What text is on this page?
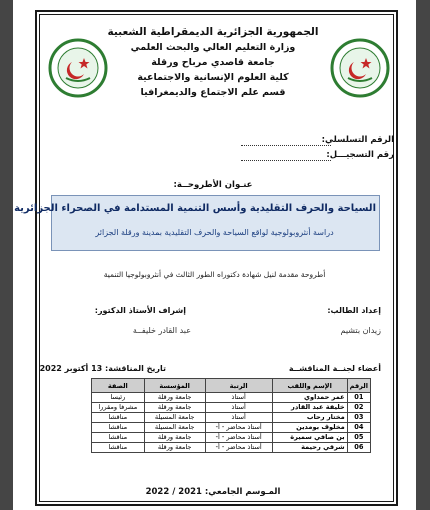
الجمهورية الجزائرية الديمقراطية الشعبية
وزارة التعليم العالي والبحث العلمي
جامعة قاصدي مرباح ورقلة
كلية العلوم الإنسانية والاجتماعية
قسم علم الاجتماع والديمغرافيا
الرقم التسلسلي:
رقم التسجيـــل:
عنـوان الأطروحــة:
السياحة والحرف التقليدية وأسس التنمية المستدامة في الصحراء الجزائرية
دراسة أنثروبولوجية لواقع السياحة والحرف التقليدية بمدينة ورقلة الجزائر
أطروحة مقدمة لنيل شهادة دكتوراه الطور الثالث في أنثروبولوجيا التنمية
إعداد الطالب:
زيدان بتشيم
إشراف الأستاذ الدكتور:
عبد القادر خليفــة
أعضاء لجنــة المناقشــة
تاريخ المناقشة: 13 أكتوبر 2022
الرقم	الإسم واللقب	الرتبة	المؤسسة	الصفة
01	عمر حمداوي	أستاذ	جامعة ورقلة	رئيسا
02	خليفة عبد القادر	أستاذ	جامعة ورقلة	مشرفا ومقررا
03	مختار رحاب	أستاذ	جامعة المسيلة	مناقشا
04	مخلوف بومدين	أستاذ محاضر - أ-	جامعة المسيلة	مناقشا
05	بن صافي سميرة	أستاذ محاضر - أ-	جامعة ورقلة	مناقشا
06	شرقي رحيمة	أستاذ محاضر - أ-	جامعة ورقلة	مناقشا
المـوسم الجامعي: 2021 / 2022
